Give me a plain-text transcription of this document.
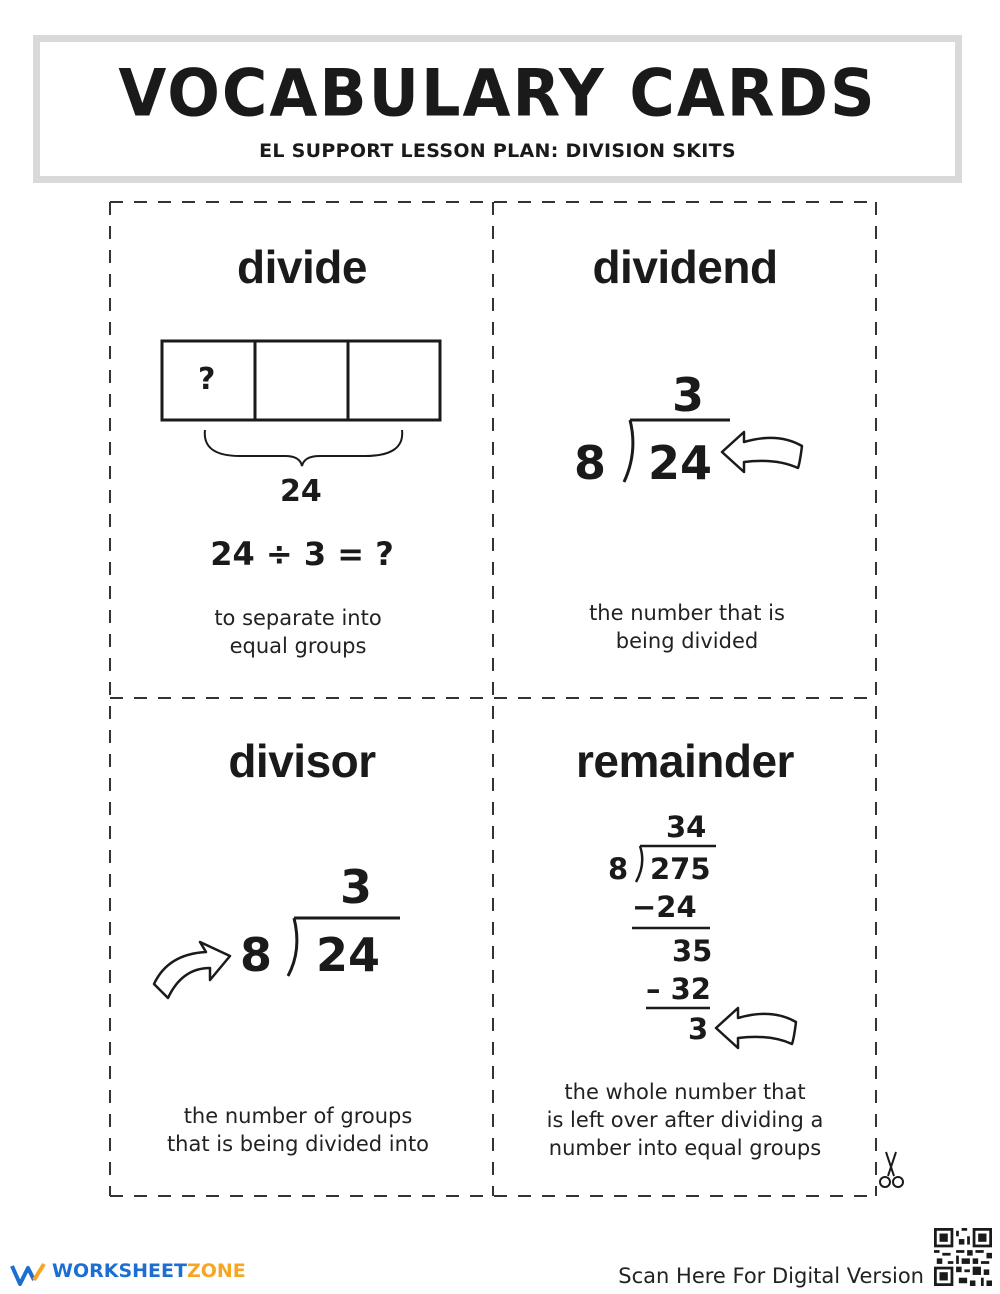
VOCABULARY CARDS
EL SUPPORT LESSON PLAN: DIVISION SKITS
divide
?
24
24 ÷ 3 = ?
to separate into
equal groups
dividend
3
8 24
the number that is
being divided
divisor
3
8 24
the number of groups
that is being divided into
remainder
34
8 275
−24
35
– 32
3
the whole number that
is left over after dividing a
number into equal groups
WORKSHEETZONE	Scan Here For Digital Version
